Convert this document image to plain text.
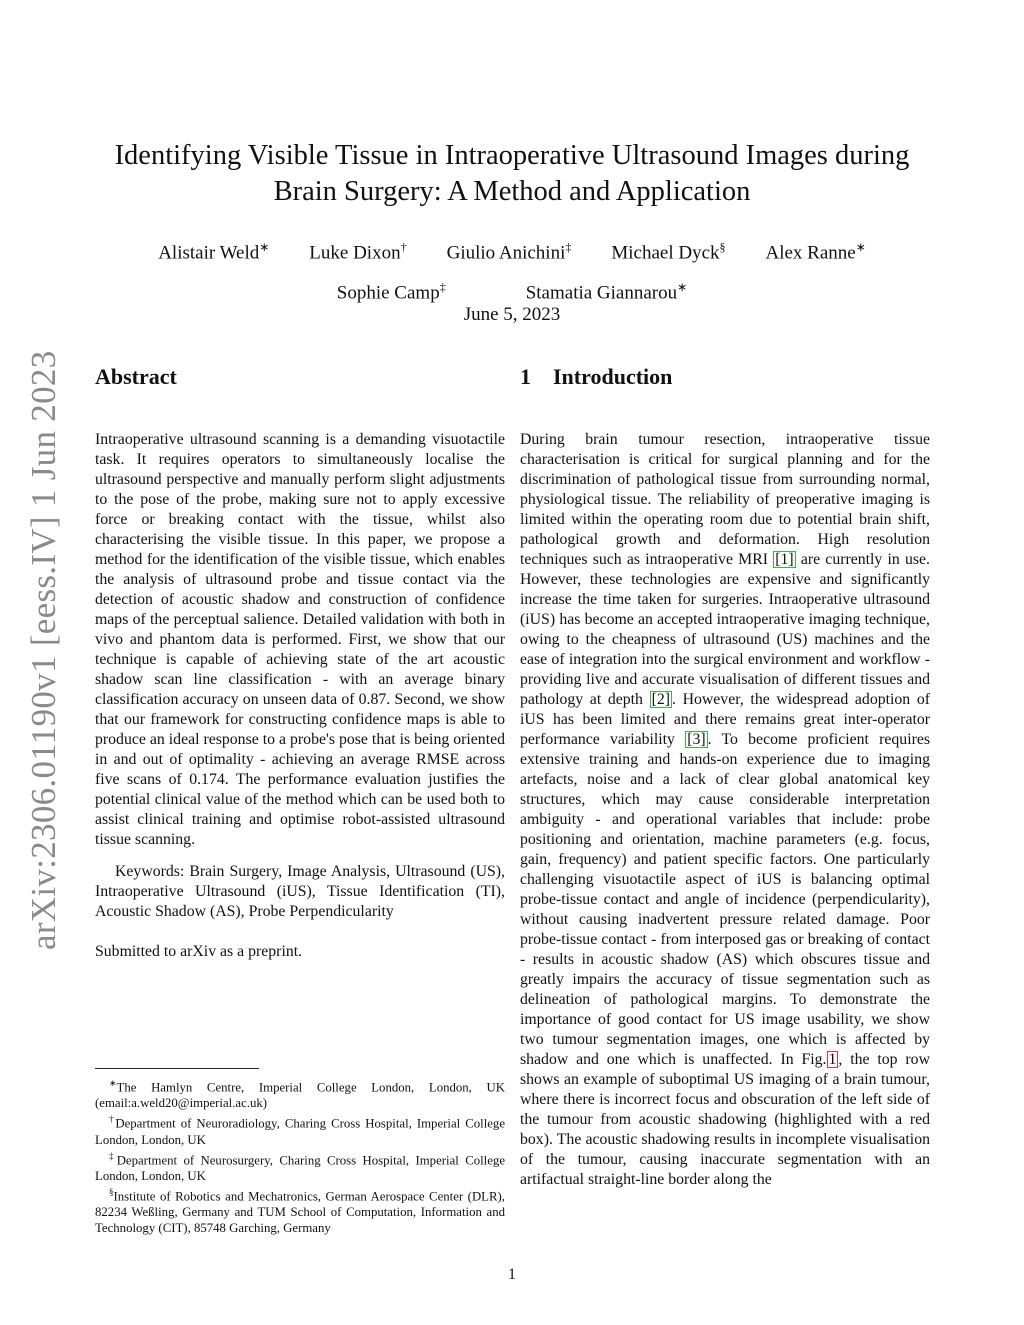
arXiv:2306.01190v1 [eess.IV] 1 Jun 2023
Identifying Visible Tissue in Intraoperative Ultrasound Images during
Brain Surgery: A Method and Application
Alistair Weld∗ Luke Dixon† Giulio Anichini‡ Michael Dyck§ Alex Ranne∗
Sophie Camp‡	Stamatia Giannarou∗
June 5, 2023
Abstract

Intraoperative ultrasound scanning is a demanding visuotactile task. It requires operators to simultaneously localise the ultrasound perspective and manually perform slight adjustments to the pose of the probe, making sure not to apply excessive force or breaking contact with the tissue, whilst also characterising the visible tissue. In this paper, we propose a method for the identification of the visible tissue, which enables the analysis of ultrasound probe and tissue contact via the detection of acoustic shadow and construction of confidence maps of the perceptual salience. Detailed validation with both in vivo and phantom data is performed. First, we show that our technique is capable of achieving state of the art acoustic shadow scan line classification - with an average binary classification accuracy on unseen data of 0.87. Second, we show that our framework for constructing confidence maps is able to produce an ideal response to a probe's pose that is being oriented in and out of optimality - achieving an average RMSE across five scans of 0.174. The performance evaluation justifies the potential clinical value of the method which can be used both to assist clinical training and optimise robot-assisted ultrasound tissue scanning.

Keywords: Brain Surgery, Image Analysis, Ultrasound (US), Intraoperative Ultrasound (iUS), Tissue Identification (TI), Acoustic Shadow (AS), Probe Perpendicularity

Submitted to arXiv as a preprint.

∗The Hamlyn Centre, Imperial College London, London, UK (email:a.weld20@imperial.ac.uk)
†Department of Neuroradiology, Charing Cross Hospital, Imperial College London, London, UK
‡Department of Neurosurgery, Charing Cross Hospital, Imperial College London, London, UK
§Institute of Robotics and Mechatronics, German Aerospace Center (DLR), 82234 Weßling, Germany and TUM School of Computation, Information and Technology (CIT), 85748 Garching, Germany
1 Introduction

During brain tumour resection, intraoperative tissue characterisation is critical for surgical planning and for the discrimination of pathological tissue from surrounding normal, physiological tissue. The reliability of preoperative imaging is limited within the operating room due to potential brain shift, pathological growth and deformation. High resolution techniques such as intraoperative MRI [1] are currently in use. However, these technologies are expensive and significantly increase the time taken for surgeries. Intraoperative ultrasound (iUS) has become an accepted intraoperative imaging technique, owing to the cheapness of ultrasound (US) machines and the ease of integration into the surgical environment and workflow - providing live and accurate visualisation of different tissues and pathology at depth [2] . However, the widespread adoption of iUS has been limited and there remains great inter-operator performance variability [3] . To become proficient requires extensive training and hands-on experience due to imaging artefacts, noise and a lack of clear global anatomical key structures, which may cause considerable interpretation ambiguity - and operational variables that include: probe positioning and orientation, machine parameters (e.g. focus, gain, frequency) and patient specific factors. One particularly challenging visuotactile aspect of iUS is balancing optimal probe-tissue contact and angle of incidence (perpendicularity), without causing inadvertent pressure related damage. Poor probe-tissue contact - from interposed gas or breaking of contact - results in acoustic shadow (AS) which obscures tissue and greatly impairs the accuracy of tissue segmentation such as delineation of pathological margins. To demonstrate the importance of good contact for US image usability, we show two tumour segmentation images, one which is affected by shadow and one which is unaffected. In Fig. 1 , the top row shows an example of suboptimal US imaging of a brain tumour, where there is incorrect focus and obscuration of the left side of the tumour from acoustic shadowing (highlighted with a red box). The acoustic shadowing results in incomplete visualisation of the tumour, causing inaccurate segmentation with an artifactual straight-line border along the

1
